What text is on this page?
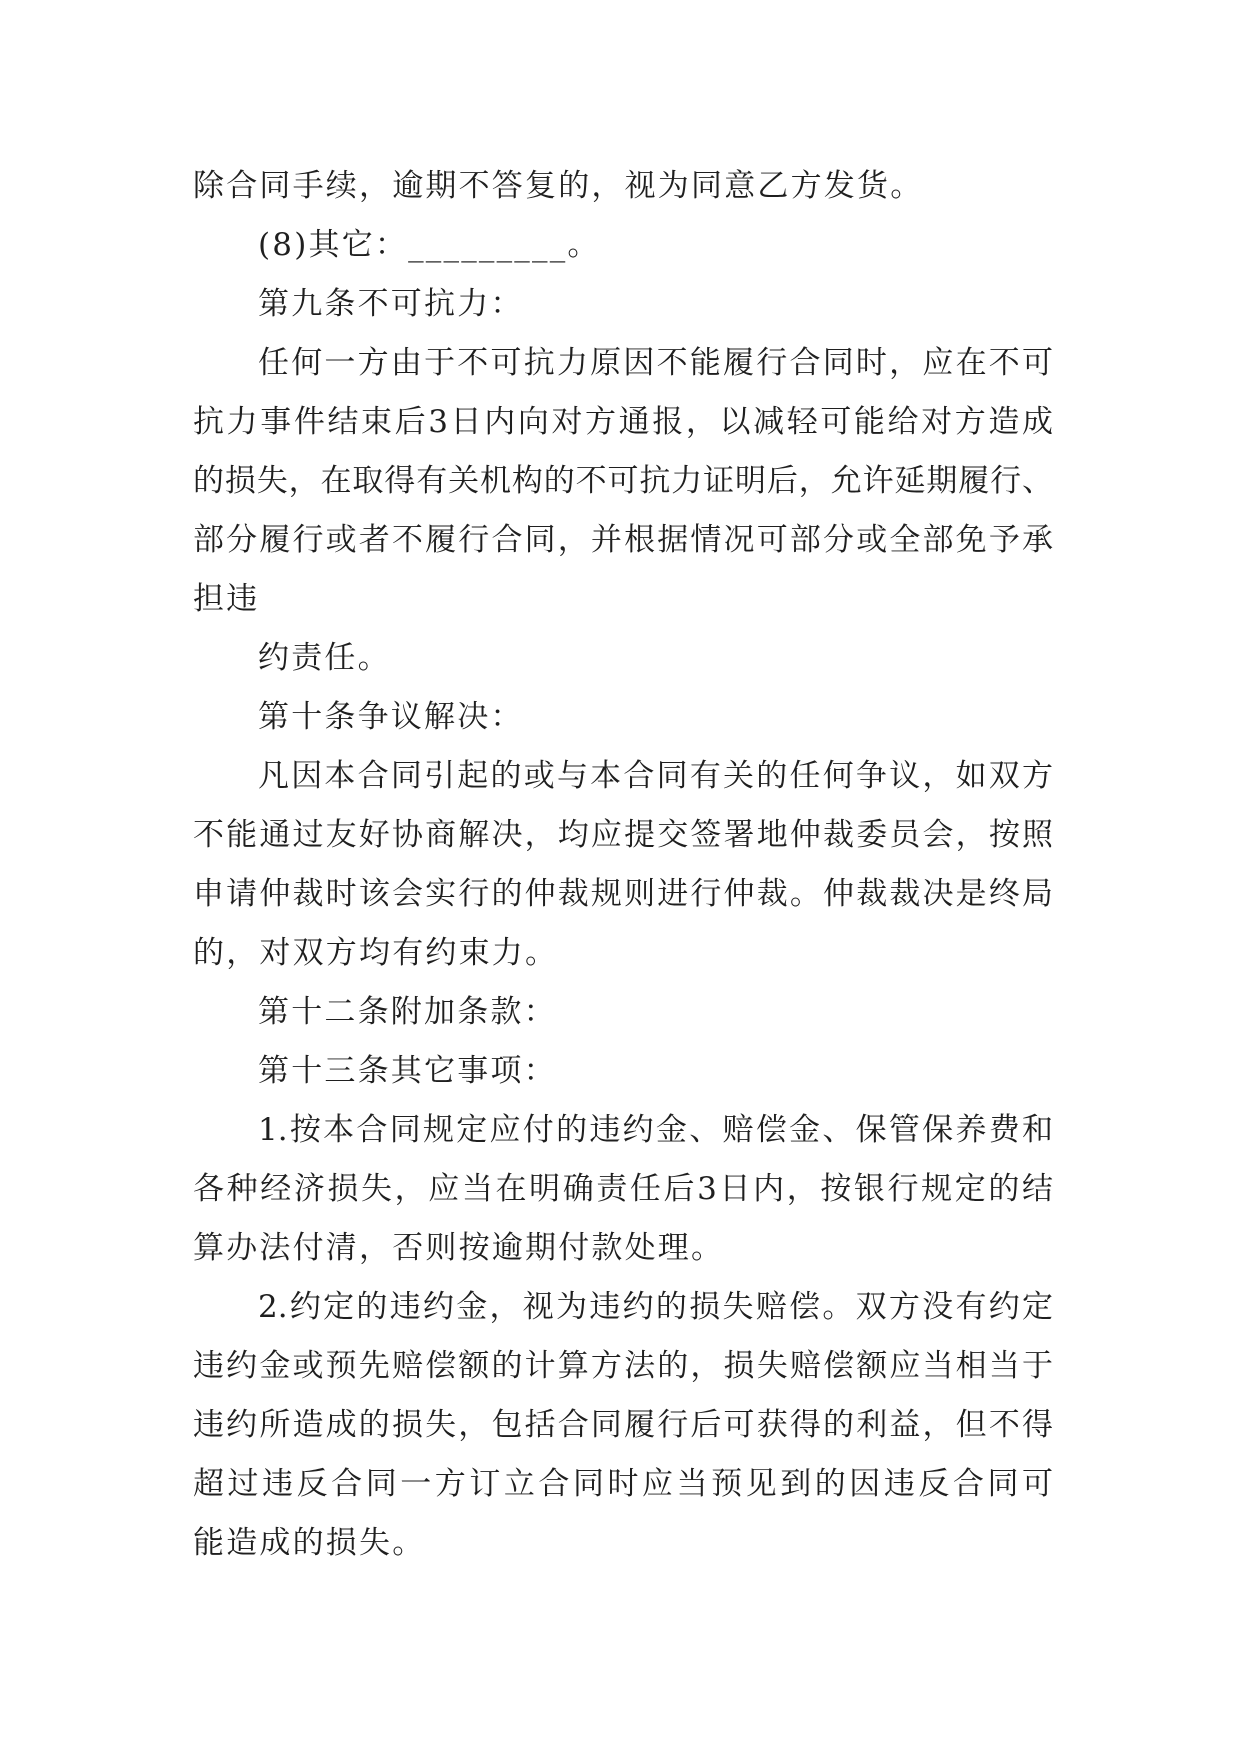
除合同手续，逾期不答复的，视为同意乙方发货。
(8)其它：_________。
第九条不可抗力：
任何一方由于不可抗力原因不能履行合同时，应在不可
抗力事件结束后3日内向对方通报，以减轻可能给对方造成
的损失，在取得有关机构的不可抗力证明后，允许延期履行、
部分履行或者不履行合同，并根据情况可部分或全部免予承
担违
约责任。
第十条争议解决：
凡因本合同引起的或与本合同有关的任何争议，如双方
不能通过友好协商解决，均应提交签署地仲裁委员会，按照
申请仲裁时该会实行的仲裁规则进行仲裁。仲裁裁决是终局
的，对双方均有约束力。
第十二条附加条款：
第十三条其它事项：
1.按本合同规定应付的违约金、赔偿金、保管保养费和
各种经济损失，应当在明确责任后3日内，按银行规定的结
算办法付清，否则按逾期付款处理。
2.约定的违约金，视为违约的损失赔偿。双方没有约定
违约金或预先赔偿额的计算方法的，损失赔偿额应当相当于
违约所造成的损失，包括合同履行后可获得的利益，但不得
超过违反合同一方订立合同时应当预见到的因违反合同可
能造成的损失。
